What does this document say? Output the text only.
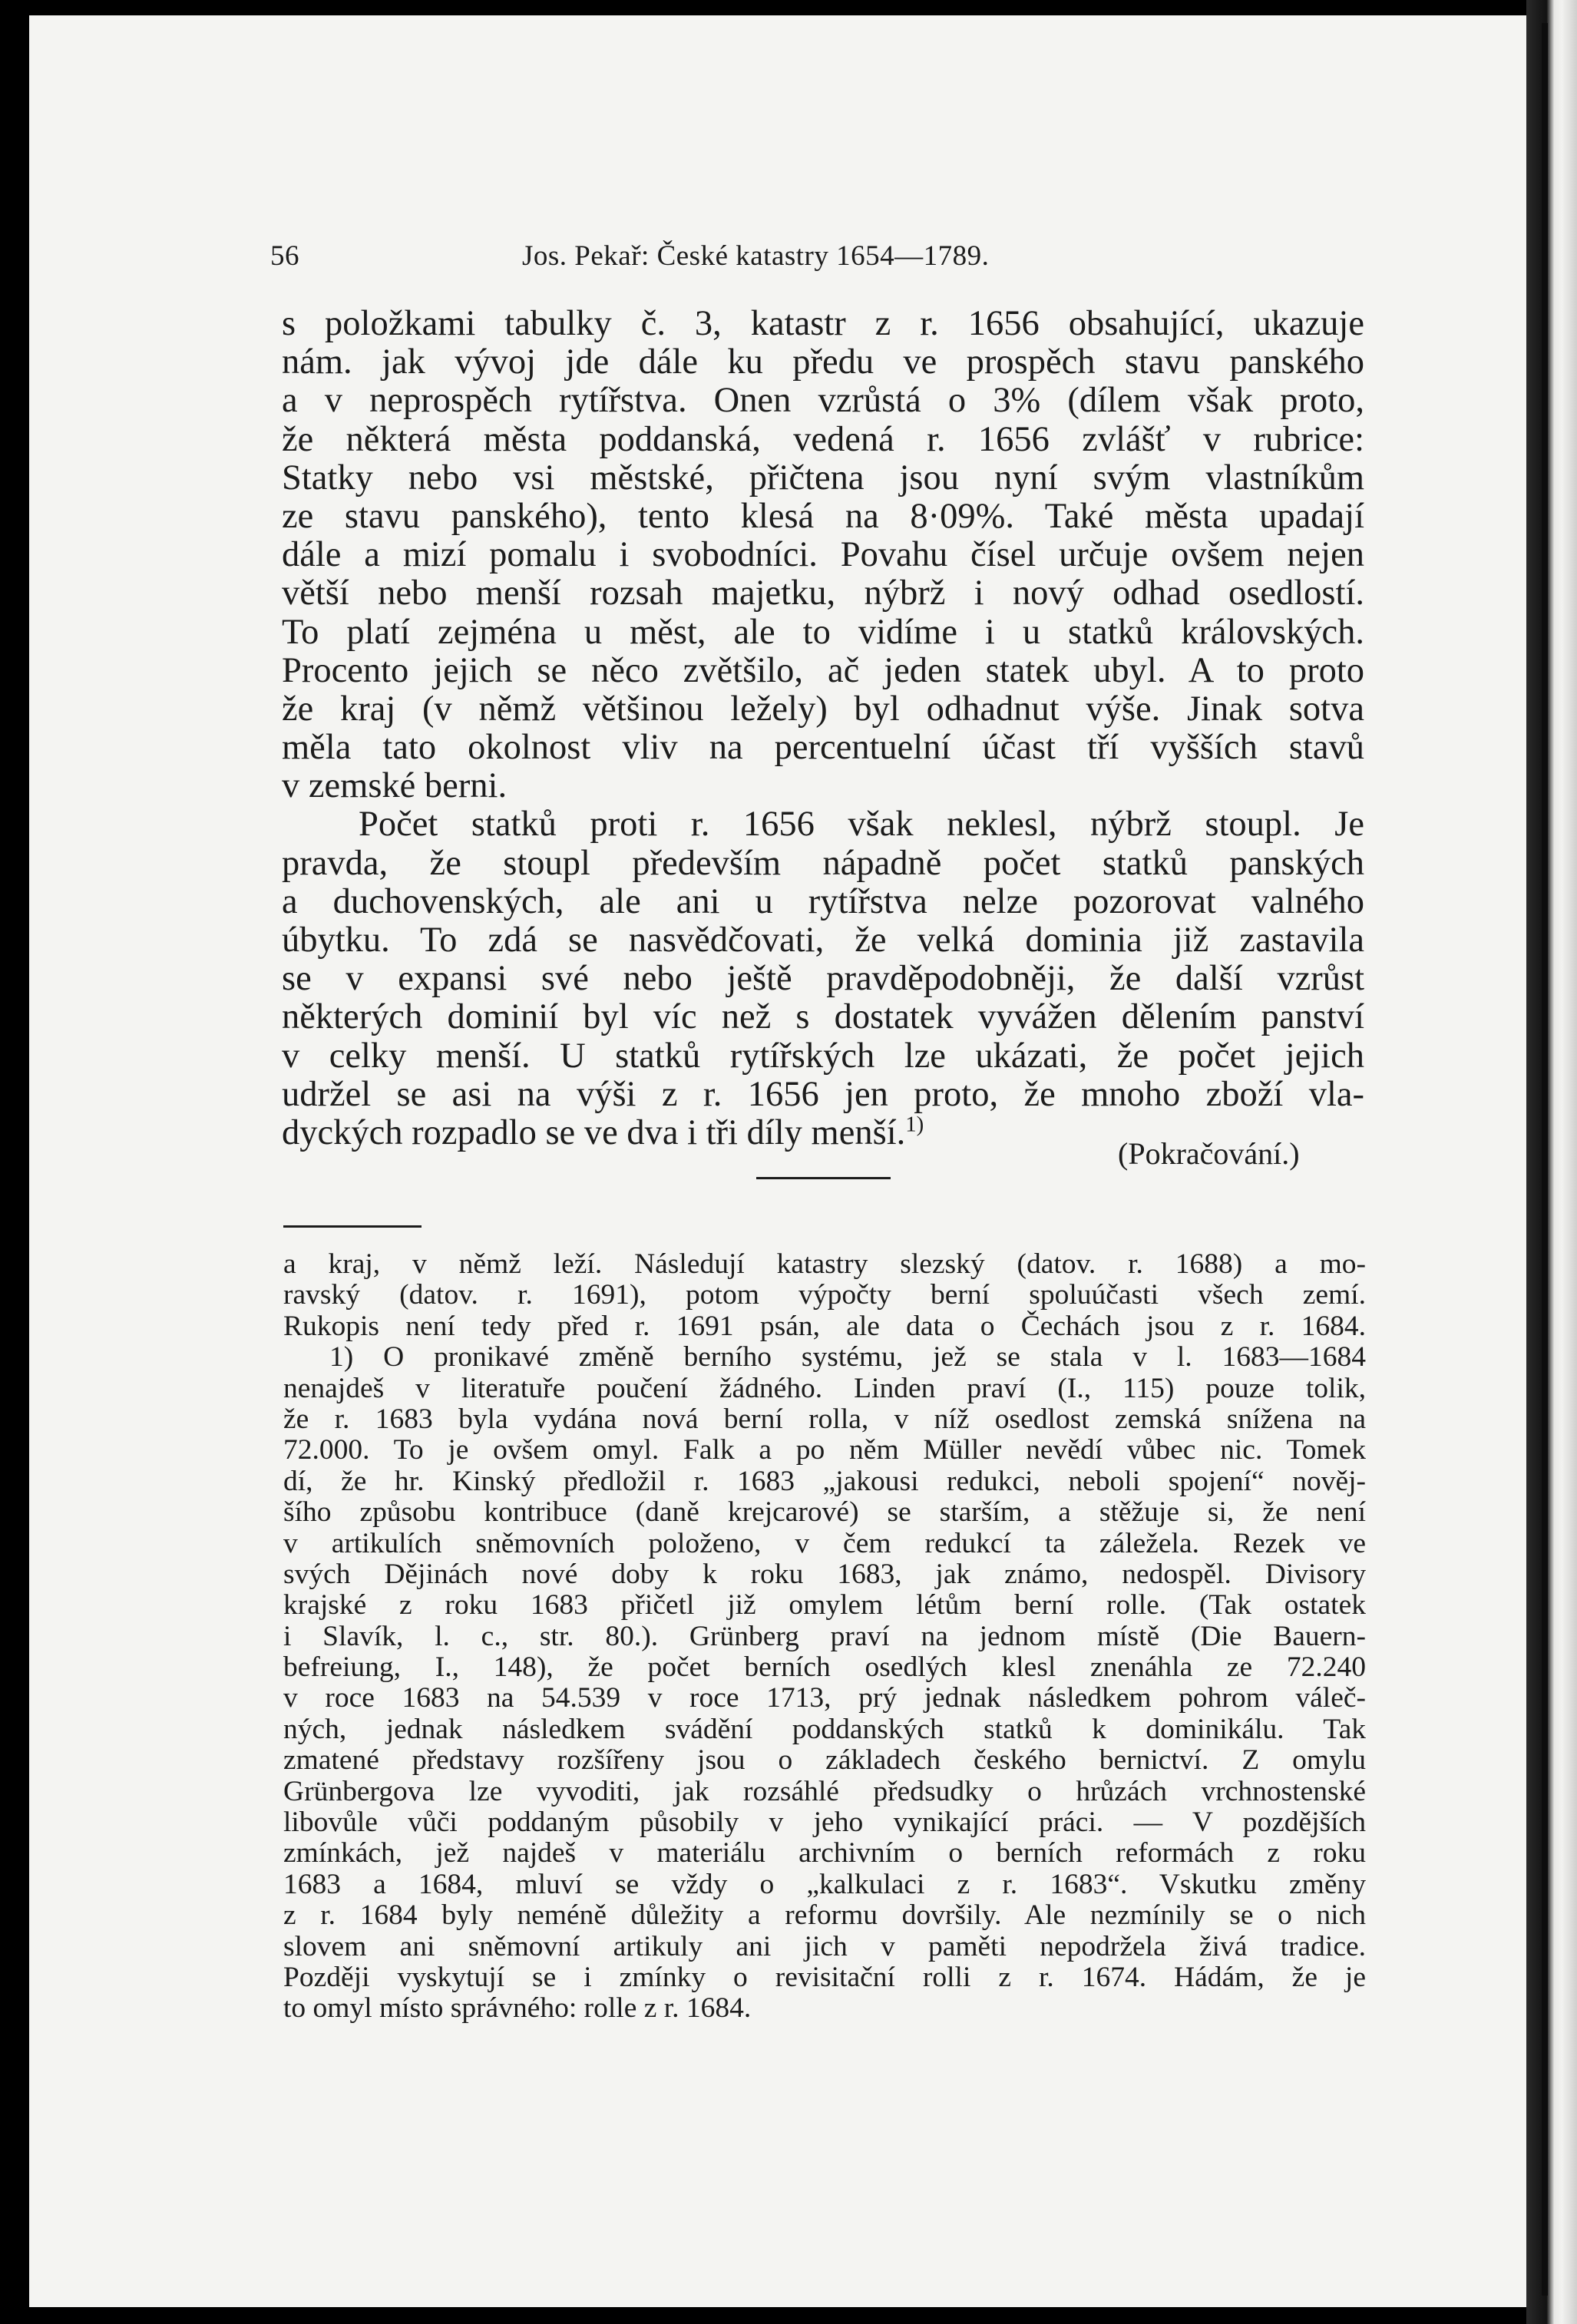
56	Jos. Pekař: České katastry 1654—1789.
s položkami tabulky č. 3, katastr z r. 1656 obsahující, ukazuje
nám. jak vývoj jde dále ku předu ve prospěch stavu panského
a v neprospěch rytířstva. Onen vzrůstá o 3% (dílem však proto,
že některá města poddanská, vedená r. 1656 zvlášť v rubrice:
Statky nebo vsi městské, přičtena jsou nyní svým vlastníkům
ze stavu panského), tento klesá na 8·09%. Také města upadají
dále a mizí pomalu i svobodníci. Povahu čísel určuje ovšem nejen
větší nebo menší rozsah majetku, nýbrž i nový odhad osedlostí.
To platí zejména u měst, ale to vidíme i u statků královských.
Procento jejich se něco zvětšilo, ač jeden statek ubyl. A to proto
že kraj (v němž většinou ležely) byl odhadnut výše. Jinak sotva
měla tato okolnost vliv na percentuelní účast tří vyšších stavů
v zemské berni.
Počet statků proti r. 1656 však neklesl, nýbrž stoupl. Je
pravda, že stoupl především nápadně počet statků panských
a duchovenských, ale ani u rytířstva nelze pozorovat valného
úbytku. To zdá se nasvědčovati, že velká dominia již zastavila
se v expansi své nebo ještě pravděpodobněji, že další vzrůst
některých dominií byl víc než s dostatek vyvážen dělením panství
v celky menší. U statků rytířských lze ukázati, že počet jejich
udržel se asi na výši z r. 1656 jen proto, že mnoho zboží vla-
dyckých rozpadlo se ve dva i tři díly menší.$^{1)}$
(Pokračování.)
a kraj, v němž leží. Následují katastry slezský (datov. r. 1688) a mo-
ravský (datov. r. 1691), potom výpočty berní spoluúčasti všech zemí.
Rukopis není tedy před r. 1691 psán, ale data o Čechách jsou z r. 1684.
1) O pronikavé změně berního systému, jež se stala v l. 1683—1684
nenajdeš v literatuře poučení žádného. Linden praví (I., 115) pouze tolik,
že r. 1683 byla vydána nová berní rolla, v níž osedlost zemská snížena na
72.000. To je ovšem omyl. Falk a po něm Müller nevědí vůbec nic. Tomek
dí, že hr. Kinský předložil r. 1683 „jakousi redukci, neboli spojení“ nověj-
šího způsobu kontribuce (daně krejcarové) se starším, a stěžuje si, že není
v artikulích sněmovních položeno, v čem redukcí ta záležela. Rezek ve
svých Dějinách nové doby k roku 1683, jak známo, nedospěl. Divisory
krajské z roku 1683 přičetl již omylem létům berní rolle. (Tak ostatek
i Slavík, l. c., str. 80.). Grünberg praví na jednom místě (Die Bauern-
befreiung, I., 148), že počet berních osedlých klesl znenáhla ze 72.240
v roce 1683 na 54.539 v roce 1713, prý jednak následkem pohrom váleč-
ných, jednak následkem svádění poddanských statků k dominikálu. Tak
zmatené představy rozšířeny jsou o základech českého bernictví. Z omylu
Grünbergova lze vyvoditi, jak rozsáhlé předsudky o hrůzách vrchnostenské
libovůle vůči poddaným působily v jeho vynikající práci. — V pozdějších
zmínkách, jež najdeš v materiálu archivním o berních reformách z roku
1683 a 1684, mluví se vždy o „kalkulaci z r. 1683“. Vskutku změny
z r. 1684 byly neméně důležity a reformu dovršily. Ale nezmínily se o nich
slovem ani sněmovní artikuly ani jich v paměti nepodržela živá tradice.
Později vyskytují se i zmínky o revisitační rolli z r. 1674. Hádám, že je
to omyl místo správného: rolle z r. 1684.
